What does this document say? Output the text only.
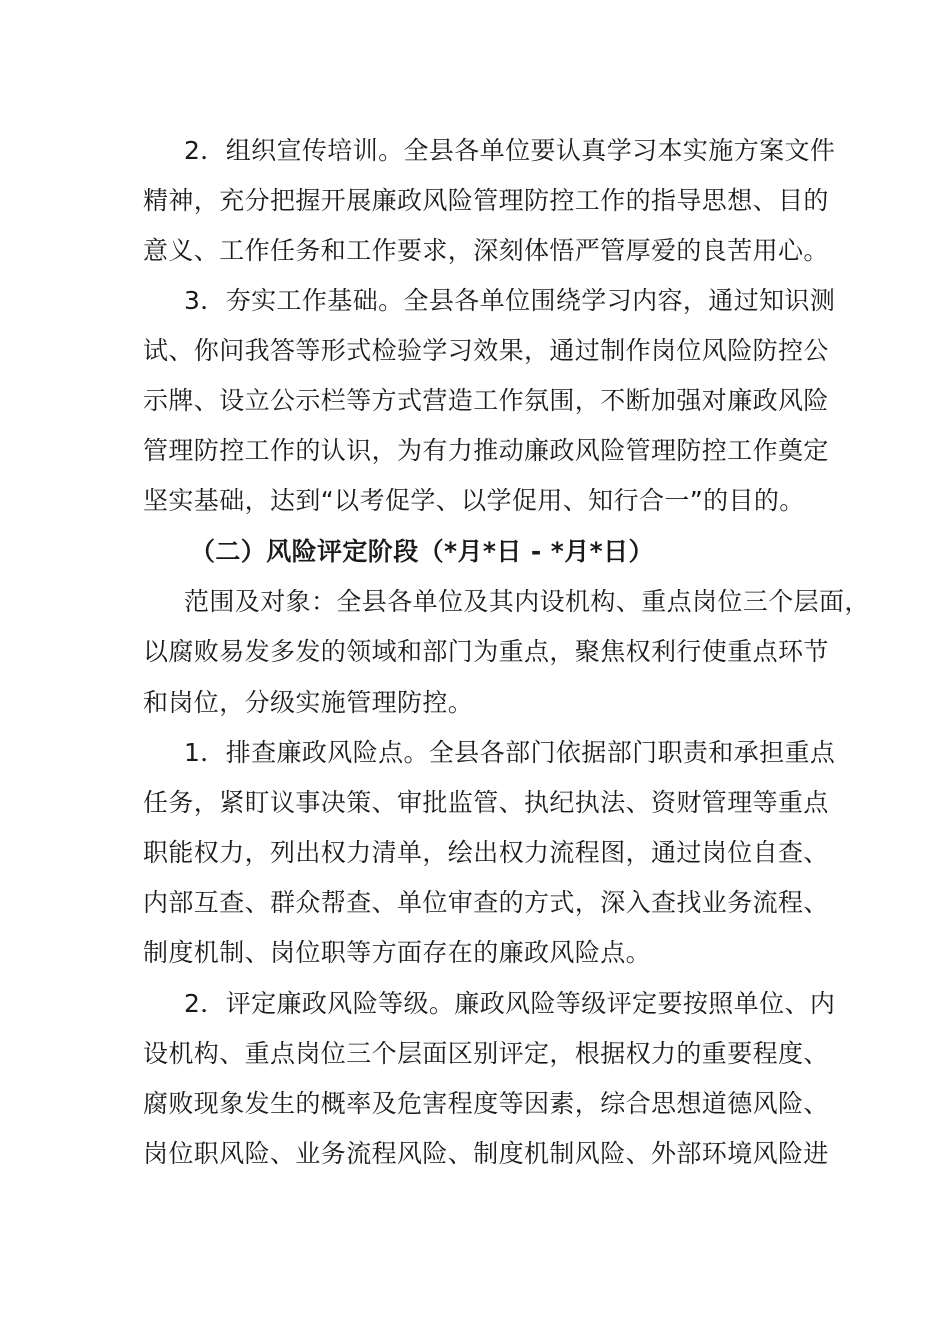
2．组织宣传培训。全县各单位要认真学习本实施方案文件
精神，充分把握开展廉政风险管理防控工作的指导思想、目的
意义、工作任务和工作要求，深刻体悟严管厚爱的良苦用心。
3．夯实工作基础。全县各单位围绕学习内容，通过知识测
试、你问我答等形式检验学习效果，通过制作岗位风险防控公
示牌、设立公示栏等方式营造工作氛围，不断加强对廉政风险
管理防控工作的认识，为有力推动廉政风险管理防控工作奠定
坚实基础，达到“以考促学、以学促用、知行合一”的目的。
（二）风险评定阶段（*月*日 - *月*日）
范围及对象：全县各单位及其内设机构、重点岗位三个层面，
以腐败易发多发的领域和部门为重点，聚焦权利行使重点环节
和岗位，分级实施管理防控。
1．排查廉政风险点。全县各部门依据部门职责和承担重点
任务，紧盯议事决策、审批监管、执纪执法、资财管理等重点
职能权力，列出权力清单，绘出权力流程图，通过岗位自查、
内部互查、群众帮查、单位审查的方式，深入查找业务流程、
制度机制、岗位职等方面存在的廉政风险点。
2．评定廉政风险等级。廉政风险等级评定要按照单位、内
设机构、重点岗位三个层面区别评定，根据权力的重要程度、
腐败现象发生的概率及危害程度等因素，综合思想道德风险、
岗位职风险、业务流程风险、制度机制风险、外部环境风险进
